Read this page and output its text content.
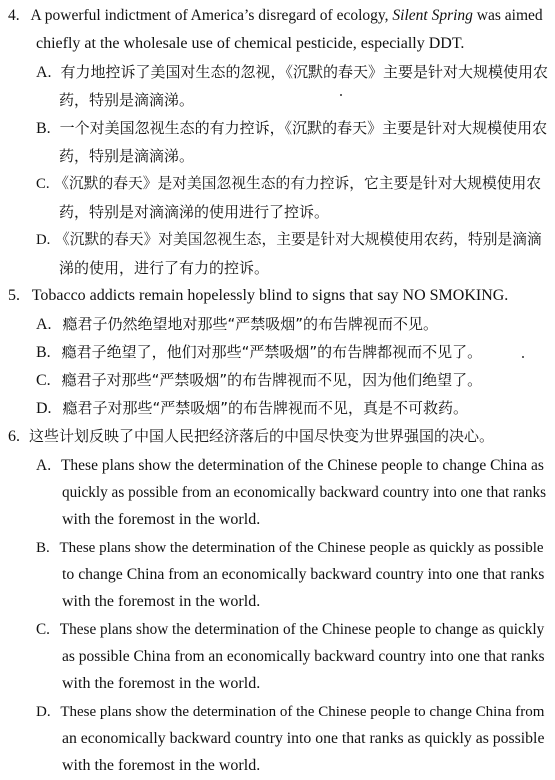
4. A powerful indictment of America’s disregard of ecology, Silent Spring was aimed
chiefly at the wholesale use of chemical pesticide, especially DDT.
A. 有力地控诉了美国对生态的忽视，《沉默的春天》主要是针对大规模使用农
药，特别是滴滴涕。
B. 一个对美国忽视生态的有力控诉，《沉默的春天》主要是针对大规模使用农
药，特别是滴滴涕。
C. 《沉默的春天》是对美国忽视生态的有力控诉，它主要是针对大规模使用农
药，特别是对滴滴涕的使用进行了控诉。
D. 《沉默的春天》对美国忽视生态，主要是针对大规模使用农药，特别是滴滴
涕的使用，进行了有力的控诉。
5. Tobacco addicts remain hopelessly blind to signs that say NO SMOKING.
A. 瘾君子仍然绝望地对那些“严禁吸烟”的布告牌视而不见。
B. 瘾君子绝望了，他们对那些“严禁吸烟”的布告牌都视而不见了。
C. 瘾君子对那些“严禁吸烟”的布告牌视而不见，因为他们绝望了。
D. 瘾君子对那些“严禁吸烟”的布告牌视而不见，真是不可救药。
6. 这些计划反映了中国人民把经济落后的中国尽快变为世界强国的决心。
A. These plans show the determination of the Chinese people to change China as
quickly as possible from an economically backward country into one that ranks
with the foremost in the world.
B. These plans show the determination of the Chinese people as quickly as possible
to change China from an economically backward country into one that ranks
with the foremost in the world.
C. These plans show the determination of the Chinese people to change as quickly
as possible China from an economically backward country into one that ranks
with the foremost in the world.
D. These plans show the determination of the Chinese people to change China from
an economically backward country into one that ranks as quickly as possible
with the foremost in the world.
